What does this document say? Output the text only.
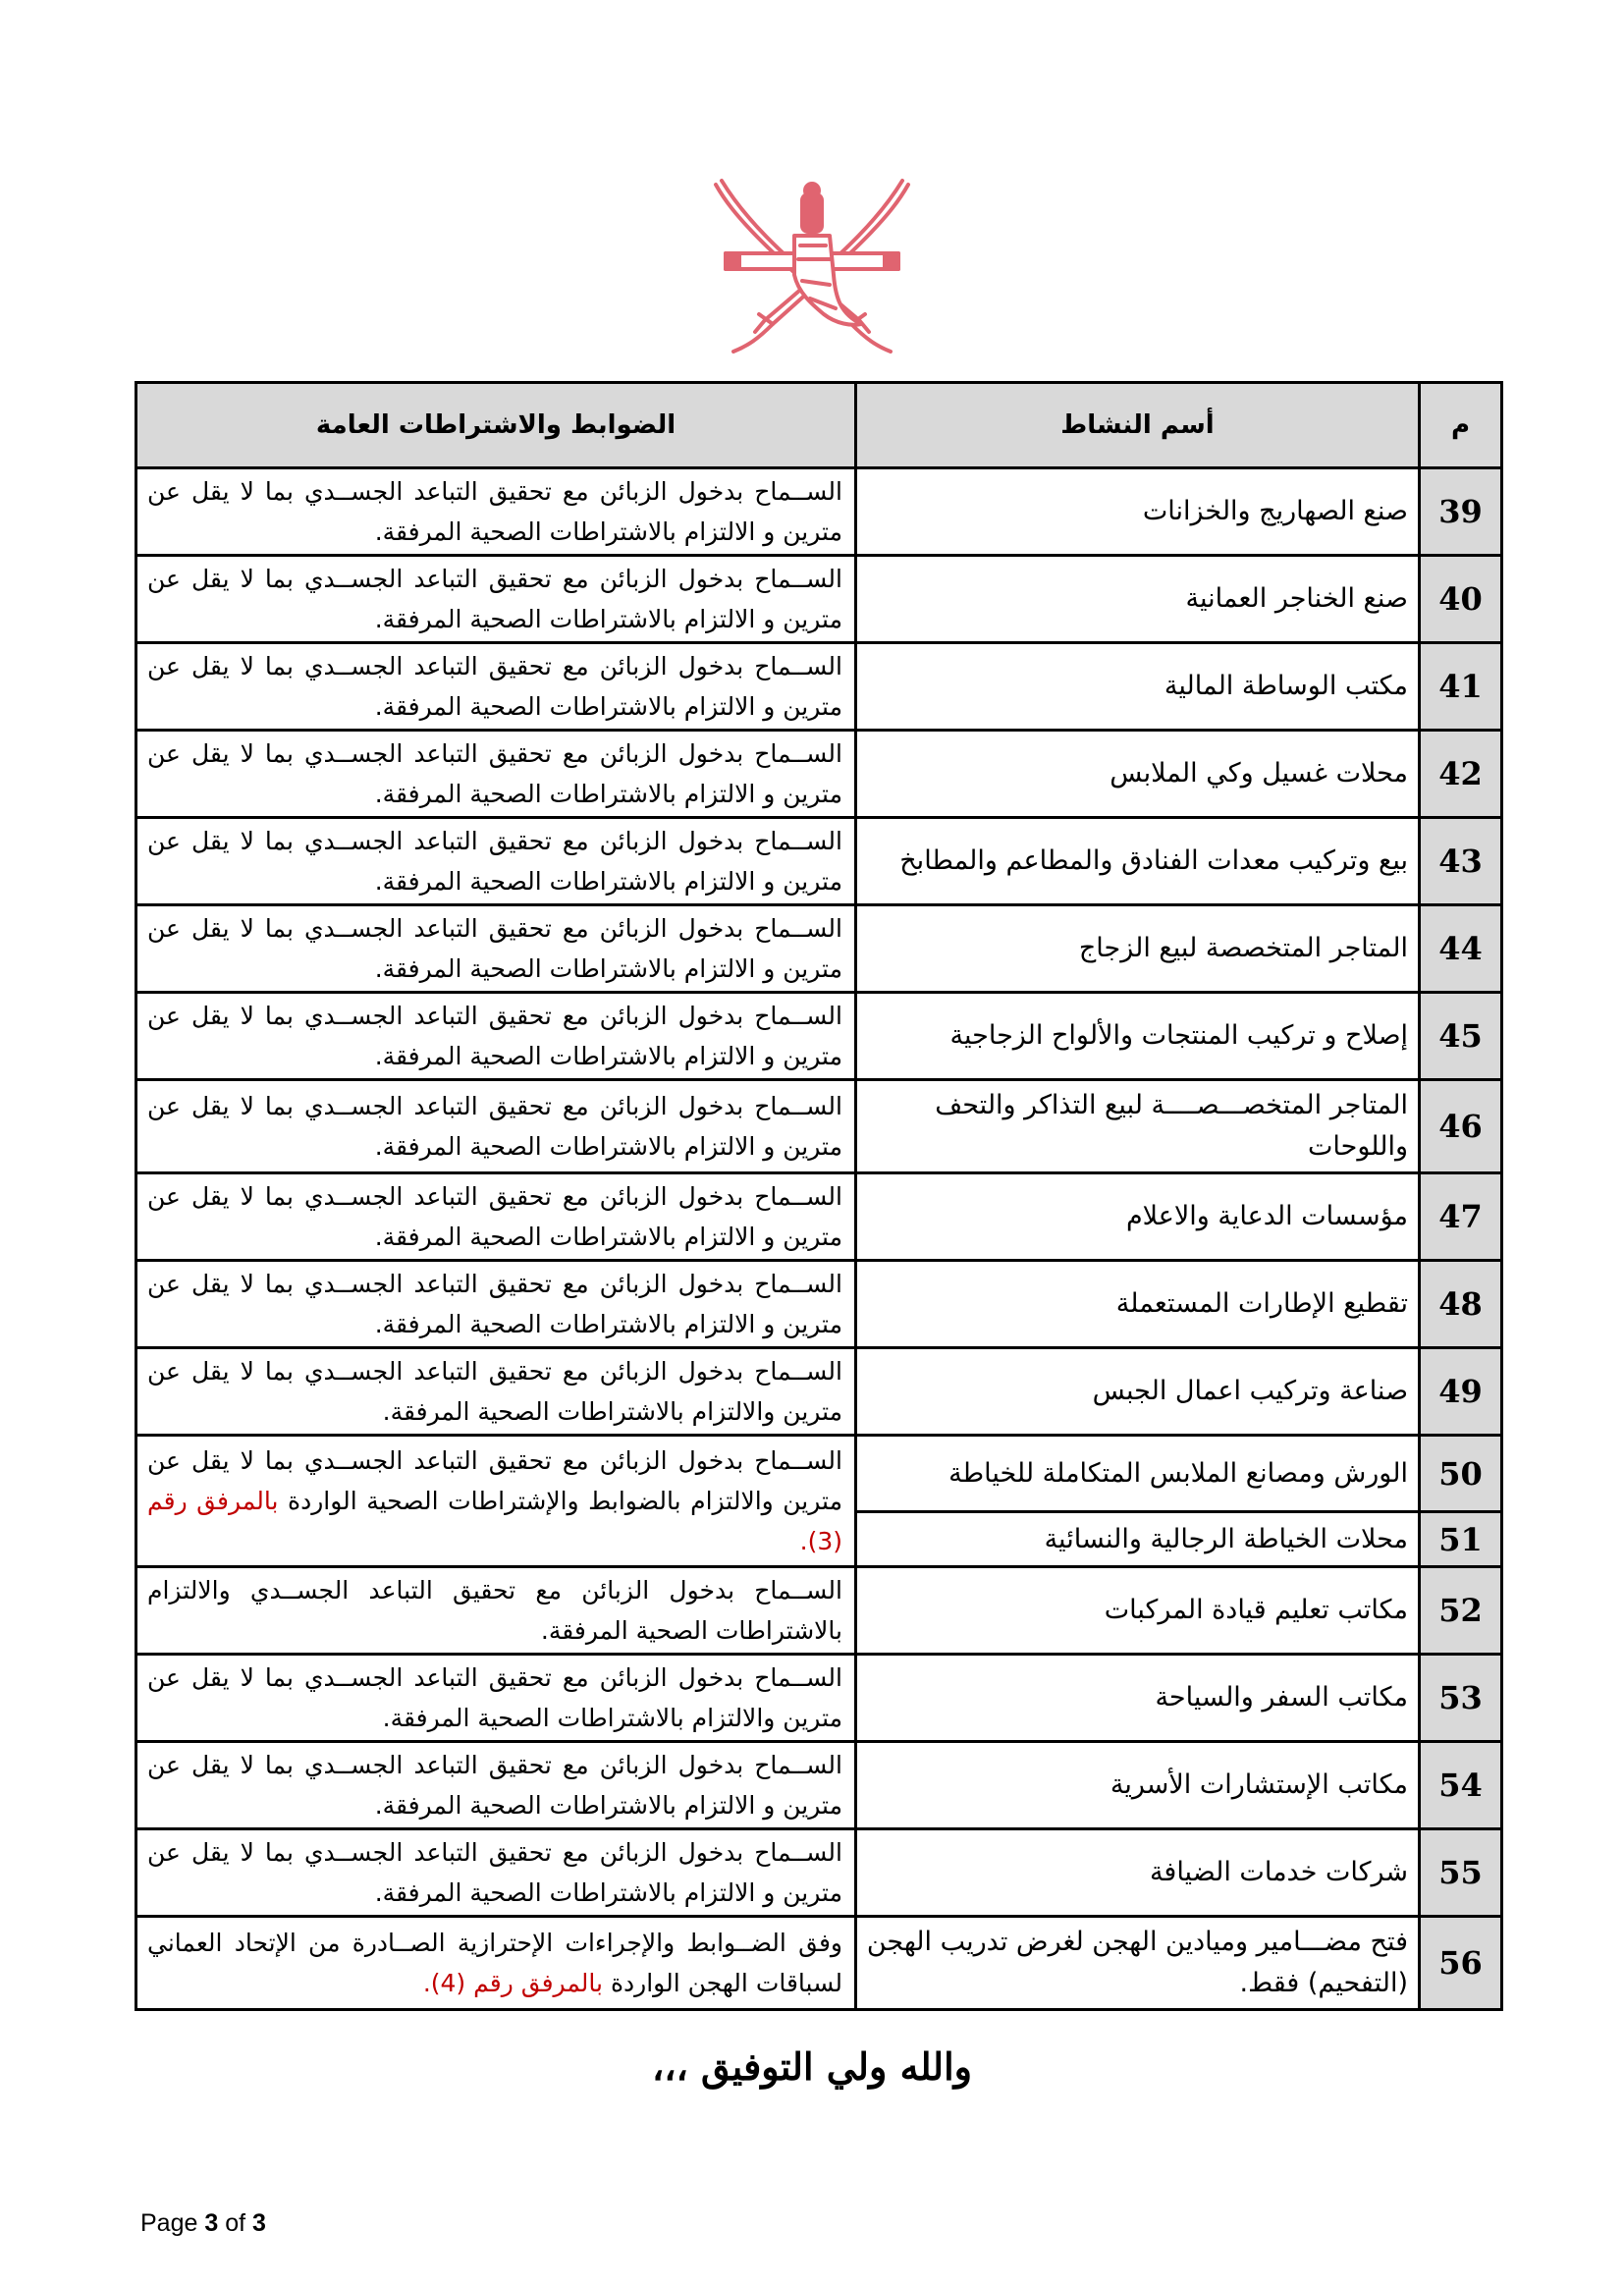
م	أسم النشاط	الضوابط والاشتراطات العامة
39	صنع الصهاريج والخزانات	الســماح بدخول الزبائن مع تحقيق التباعد الجســدي بما لا يقل عن مترين و الالتزام بالاشتراطات الصحية المرفقة.
40	صنع الخناجر العمانية	الســماح بدخول الزبائن مع تحقيق التباعد الجســدي بما لا يقل عن مترين و الالتزام بالاشتراطات الصحية المرفقة.
41	مكتب الوساطة المالية	الســماح بدخول الزبائن مع تحقيق التباعد الجســدي بما لا يقل عن مترين و الالتزام بالاشتراطات الصحية المرفقة.
42	محلات غسيل وكي الملابس	الســماح بدخول الزبائن مع تحقيق التباعد الجســدي بما لا يقل عن مترين و الالتزام بالاشتراطات الصحية المرفقة.
43	بيع وتركيب معدات الفنادق والمطاعم والمطابخ	الســماح بدخول الزبائن مع تحقيق التباعد الجســدي بما لا يقل عن مترين و الالتزام بالاشتراطات الصحية المرفقة.
44	المتاجر المتخصصة لبيع الزجاج	الســماح بدخول الزبائن مع تحقيق التباعد الجســدي بما لا يقل عن مترين و الالتزام بالاشتراطات الصحية المرفقة.
45	إصلاح و تركيب المنتجات والألواح الزجاجية	الســماح بدخول الزبائن مع تحقيق التباعد الجســدي بما لا يقل عن مترين و الالتزام بالاشتراطات الصحية المرفقة.
46	المتاجر المتخصـــصــــة لبيع التذاكر والتحف واللوحات	الســماح بدخول الزبائن مع تحقيق التباعد الجســدي بما لا يقل عن مترين و الالتزام بالاشتراطات الصحية المرفقة.
47	مؤسسات الدعاية والاعلام	الســماح بدخول الزبائن مع تحقيق التباعد الجســدي بما لا يقل عن مترين و الالتزام بالاشتراطات الصحية المرفقة.
48	تقطيع الإطارات المستعملة	الســماح بدخول الزبائن مع تحقيق التباعد الجســدي بما لا يقل عن مترين و الالتزام بالاشتراطات الصحية المرفقة.
49	صناعة وتركيب اعمال الجبس	الســماح بدخول الزبائن مع تحقيق التباعد الجســدي بما لا يقل عن مترين والالتزام بالاشتراطات الصحية المرفقة.
50	الورش ومصانع الملابس المتكاملة للخياطة	الســماح بدخول الزبائن مع تحقيق التباعد الجســدي بما لا يقل عن مترين والالتزام بالضوابط والإشتراطات الصحية الواردة بالمرفق رقم (3).
51	محلات الخياطة الرجالية والنسائية	
52	مكاتب تعليم قيادة المركبات	الســماح بدخول الزبائن مع تحقيق التباعد الجســدي والالتزام بالاشتراطات الصحية المرفقة.
53	مكاتب السفر والسياحة	الســماح بدخول الزبائن مع تحقيق التباعد الجســدي بما لا يقل عن مترين والالتزام بالاشتراطات الصحية المرفقة.
54	مكاتب الإستشارات الأسرية	الســماح بدخول الزبائن مع تحقيق التباعد الجســدي بما لا يقل عن مترين و الالتزام بالاشتراطات الصحية المرفقة.
55	شركات خدمات الضيافة	الســماح بدخول الزبائن مع تحقيق التباعد الجســدي بما لا يقل عن مترين و الالتزام بالاشتراطات الصحية المرفقة.
56	فتح مضـــامير وميادين الهجن لغرض تدريب الهجن (التفحيم) فقط.	وفق الضــوابط والإجراءات الإحترازية الصــادرة من الإتحاد العماني لسباقات الهجن الواردة بالمرفق رقم (4).
والله ولي التوفيق ،،،
Page 3 of 3
